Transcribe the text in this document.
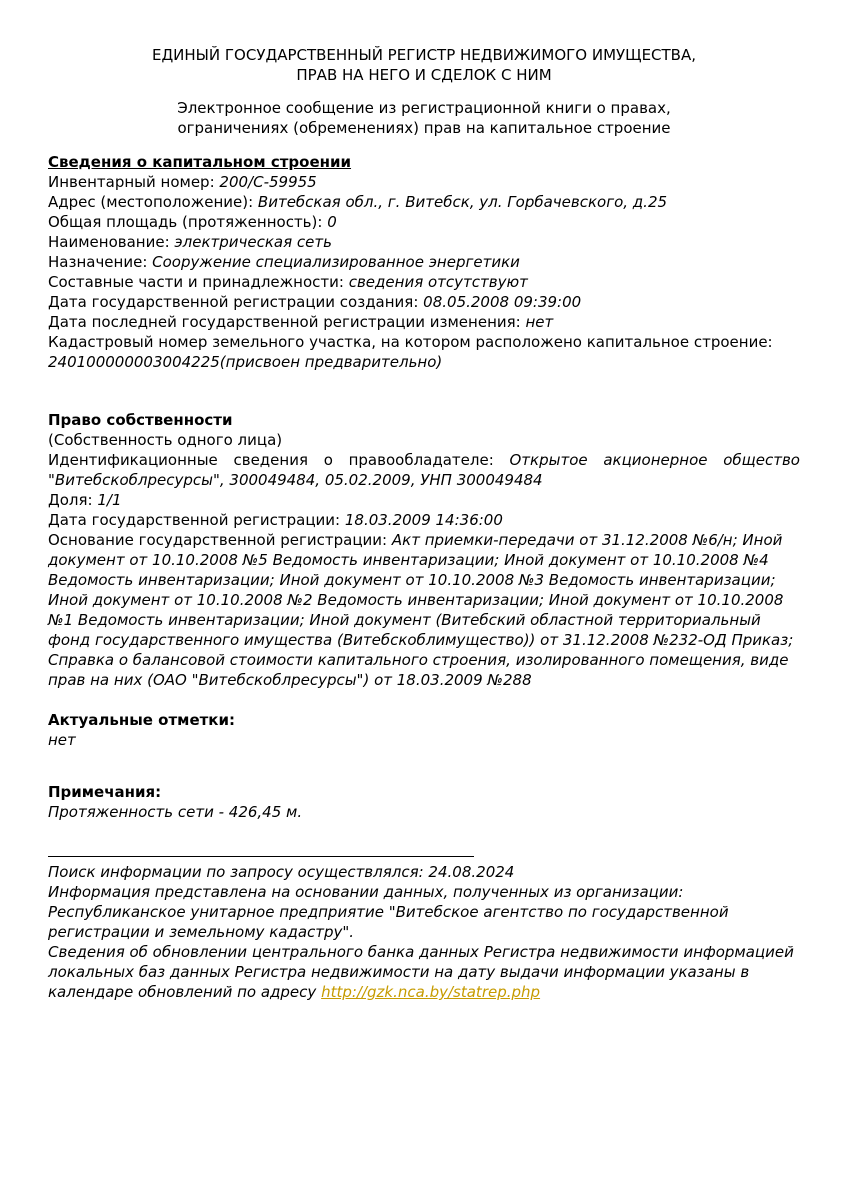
ЕДИНЫЙ ГОСУДАРСТВЕННЫЙ РЕГИСТР НЕДВИЖИМОГО ИМУЩЕСТВА,
ПРАВ НА НЕГО И СДЕЛОК С НИМ
Электронное сообщение из регистрационной книги о правах,
ограничениях (обременениях) прав на капитальное строение
Сведения о капитальном строении
Инвентарный номер: 200/С-59955
Адрес (местоположение): Витебская обл., г. Витебск, ул. Горбачевского, д.25
Общая площадь (протяженность): 0
Наименование: электрическая сеть
Назначение: Сооружение специализированное энергетики
Составные части и принадлежности: сведения отсутствуют
Дата государственной регистрации создания: 08.05.2008 09:39:00
Дата последней государственной регистрации изменения: нет
Кадастровый номер земельного участка, на котором расположено капитальное строение: 240100000003004225(присвоен предварительно)
Право собственности
(Собственность одного лица)
Идентификационные сведения о правообладателе: Открытое акционерное общество "Витебскоблресурсы", 300049484, 05.02.2009, УНП 300049484
Доля: 1/1
Дата государственной регистрации: 18.03.2009 14:36:00
Основание государственной регистрации: Акт приемки-передачи от 31.12.2008 №6/н; Иной документ от 10.10.2008 №5 Ведомость инвентаризации; Иной документ от 10.10.2008 №4 Ведомость инвентаризации; Иной документ от 10.10.2008 №3 Ведомость инвентаризации; Иной документ от 10.10.2008 №2 Ведомость инвентаризации; Иной документ от 10.10.2008 №1 Ведомость инвентаризации; Иной документ (Витебский областной территориальный фонд государственного имущества (Витебскоблимущество)) от 31.12.2008 №232-ОД Приказ; Справка о балансовой стоимости капитального строения, изолированного помещения, виде прав на них (ОАО "Витебскоблресурсы") от 18.03.2009 №288
Актуальные отметки:
нет
Примечания:
Протяженность сети - 426,45 м.
Поиск информации по запросу осуществлялся: 24.08.2024
Информация представлена на основании данных, полученных из организации:
Республиканское унитарное предприятие "Витебское агентство по государственной регистрации и земельному кадастру".
Сведения об обновлении центрального банка данных Регистра недвижимости информацией локальных баз данных Регистра недвижимости на дату выдачи информации указаны в календаре обновлений по адресу http://gzk.nca.by/statrep.php
